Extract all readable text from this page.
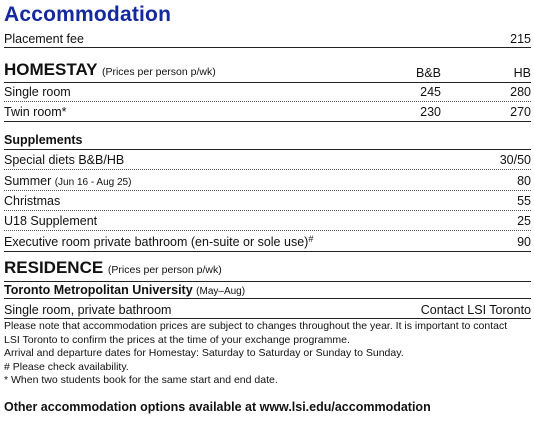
Accommodation
Placement fee	215
HOMESTAY (Prices per person p/wk)	B&B	HB
Single room	245	280
Twin room*	230	270
Supplements
Special diets B&B/HB	30/50
Summer (Jun 16 - Aug 25)	80
Christmas	55
U18 Supplement	25
Executive room private bathroom (en-suite or sole use)#	90
RESIDENCE (Prices per person p/wk)
Toronto Metropolitan University (May–Aug)
Single room, private bathroom	Contact LSI Toronto
Please note that accommodation prices are subject to changes throughout the year. It is important to contact
LSI Toronto to confirm the prices at the time of your exchange programme.
Arrival and departure dates for Homestay: Saturday to Saturday or Sunday to Sunday.
# Please check availability.
* When two students book for the same start and end date.
Other accommodation options available at www.lsi.edu/accommodation
